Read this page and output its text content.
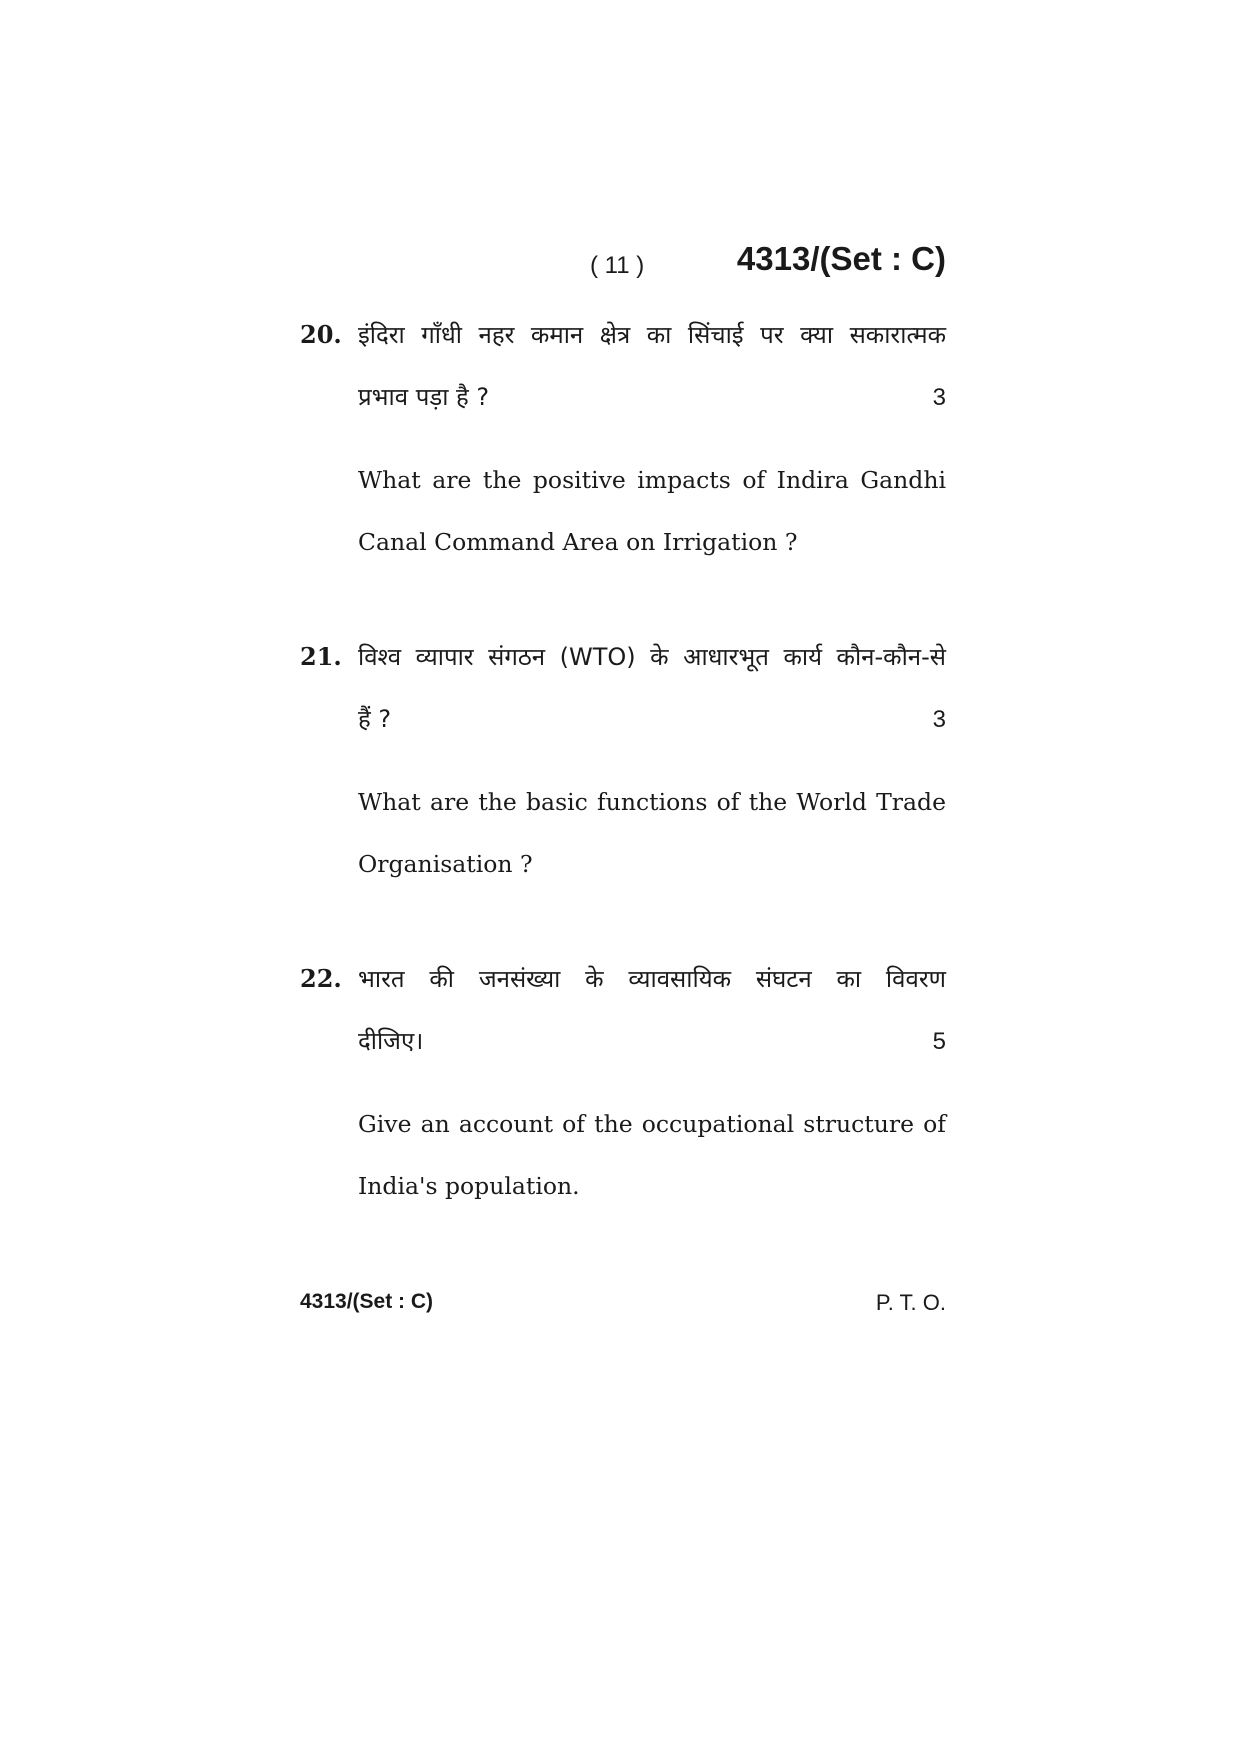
( 11 )	4313/(Set : C)
20. इंदिरा गाँधी नहर कमान क्षेत्र का सिंचाई पर क्या सकारात्मक
प्रभाव पड़ा है ?	3
What are the positive impacts of Indira Gandhi
Canal Command Area on Irrigation ?
21. विश्व व्यापार संगठन (WTO) के आधारभूत कार्य कौन-कौन-से
हैं ?	3
What are the basic functions of the World Trade
Organisation ?
22. भारत की जनसंख्या के व्यावसायिक संघटन का विवरण
दीजिए।	5
Give an account of the occupational structure of
India's population.
4313/(Set : C)	P. T. O.
